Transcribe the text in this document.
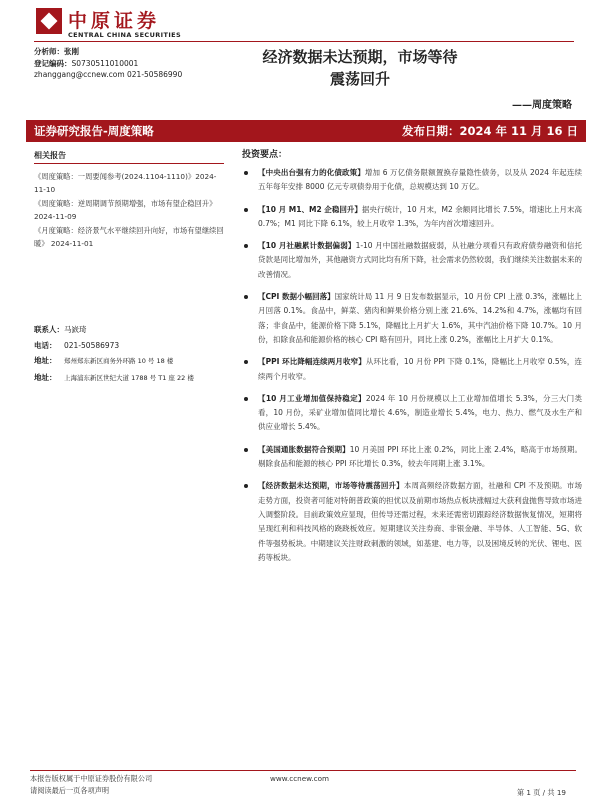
中原证券
CENTRAL CHINA SECURITIES
分析师：张刚
登记编码：S0730511010001
zhanggang@ccnew.com 021-50586990
经济数据未达预期，市场等待
震荡回升
——周度策略
证券研究报告-周度策略	发布日期：2024 年 11 月 16 日
相关报告
《周度策略：一周要闻参考(2024.1104-1110)》2024-11-10
《周度策略：逆周期调节预期增强，市场有望企稳回升》 2024-11-09
《月度策略：经济景气水平继续回升向好，市场有望继续回暖》 2024-11-01
联系人：马嶔琦
电话： 021-50586973
地址： 郑州郑东新区商务外环路 10 号 18 楼
地址： 上海浦东新区世纪大道 1788 号 T1 座 22 楼
投资要点：
【中央出台强有力的化债政策】增加 6 万亿债务限额置换存量隐性债务，以及从 2024 年起连续五年每年安排 8000 亿元专项债券用于化债，总规模达到 10 万亿。
【10 月 M1、M2 企稳回升】据央行统计，10 月末，M2 余额同比增长 7.5%，增速比上月末高 0.7%；M1 同比下降 6.1%，较上月收窄 1.3%，为年内首次增速回升。
【10 月社融累计数据偏弱】1-10 月中国社融数据疲弱，从社融分项看只有政府债券融资和信托贷款是同比增加外，其他融资方式同比均有所下降，社会需求仍然较弱，我们继续关注数据未来的改善情况。
【CPI 数据小幅回落】国家统计局 11 月 9 日发布数据显示，10 月份 CPI 上涨 0.3%，涨幅比上月回落 0.1%。食品中，鲜菜、猪肉和鲜果价格分别上涨 21.6%、14.2%和 4.7%，涨幅均有回落；非食品中，能源价格下降 5.1%，降幅比上月扩大 1.6%，其中汽油价格下降 10.7%。10 月份，扣除食品和能源价格的核心 CPI 略有回升，同比上涨 0.2%，涨幅比上月扩大 0.1%。
【PPI 环比降幅连续两月收窄】从环比看，10 月份 PPI 下降 0.1%，降幅比上月收窄 0.5%，连续两个月收窄。
【10 月工业增加值保持稳定】2024 年 10 月份规模以上工业增加值增长 5.3%，分三大门类看，10 月份，采矿业增加值同比增长 4.6%，制造业增长 5.4%，电力、热力、燃气及水生产和供应业增长 5.4%。
【美国通胀数据符合预期】10 月美国 PPI 环比上涨 0.2%，同比上涨 2.4%，略高于市场预期。剔除食品和能源的核心 PPI 环比增长 0.3%，较去年同期上涨 3.1%。
【经济数据未达预期，市场等待震荡回升】本周高频经济数据方面，社融和 CPI 不及预期。市场走势方面，投资者可能对特朗普政策的担忧以及前期市场热点板块涨幅过大获利盘抛售导致市场进入调整阶段。目前政策效应显现，但传导还需过程，未来还需密切跟踪经济数据恢复情况，短期将呈现红利和科技风格的跷跷板效应。短期建议关注券商、非银金融、半导体、人工智能、5G、软件等强势板块。中期建议关注财政刺激的领域，如基建、电力等，以及困境反转的光伏、锂电、医药等板块。
本报告版权属于中原证券股份有限公司	www.ccnew.com
请阅读最后一页各项声明	第 1 页 / 共 19
